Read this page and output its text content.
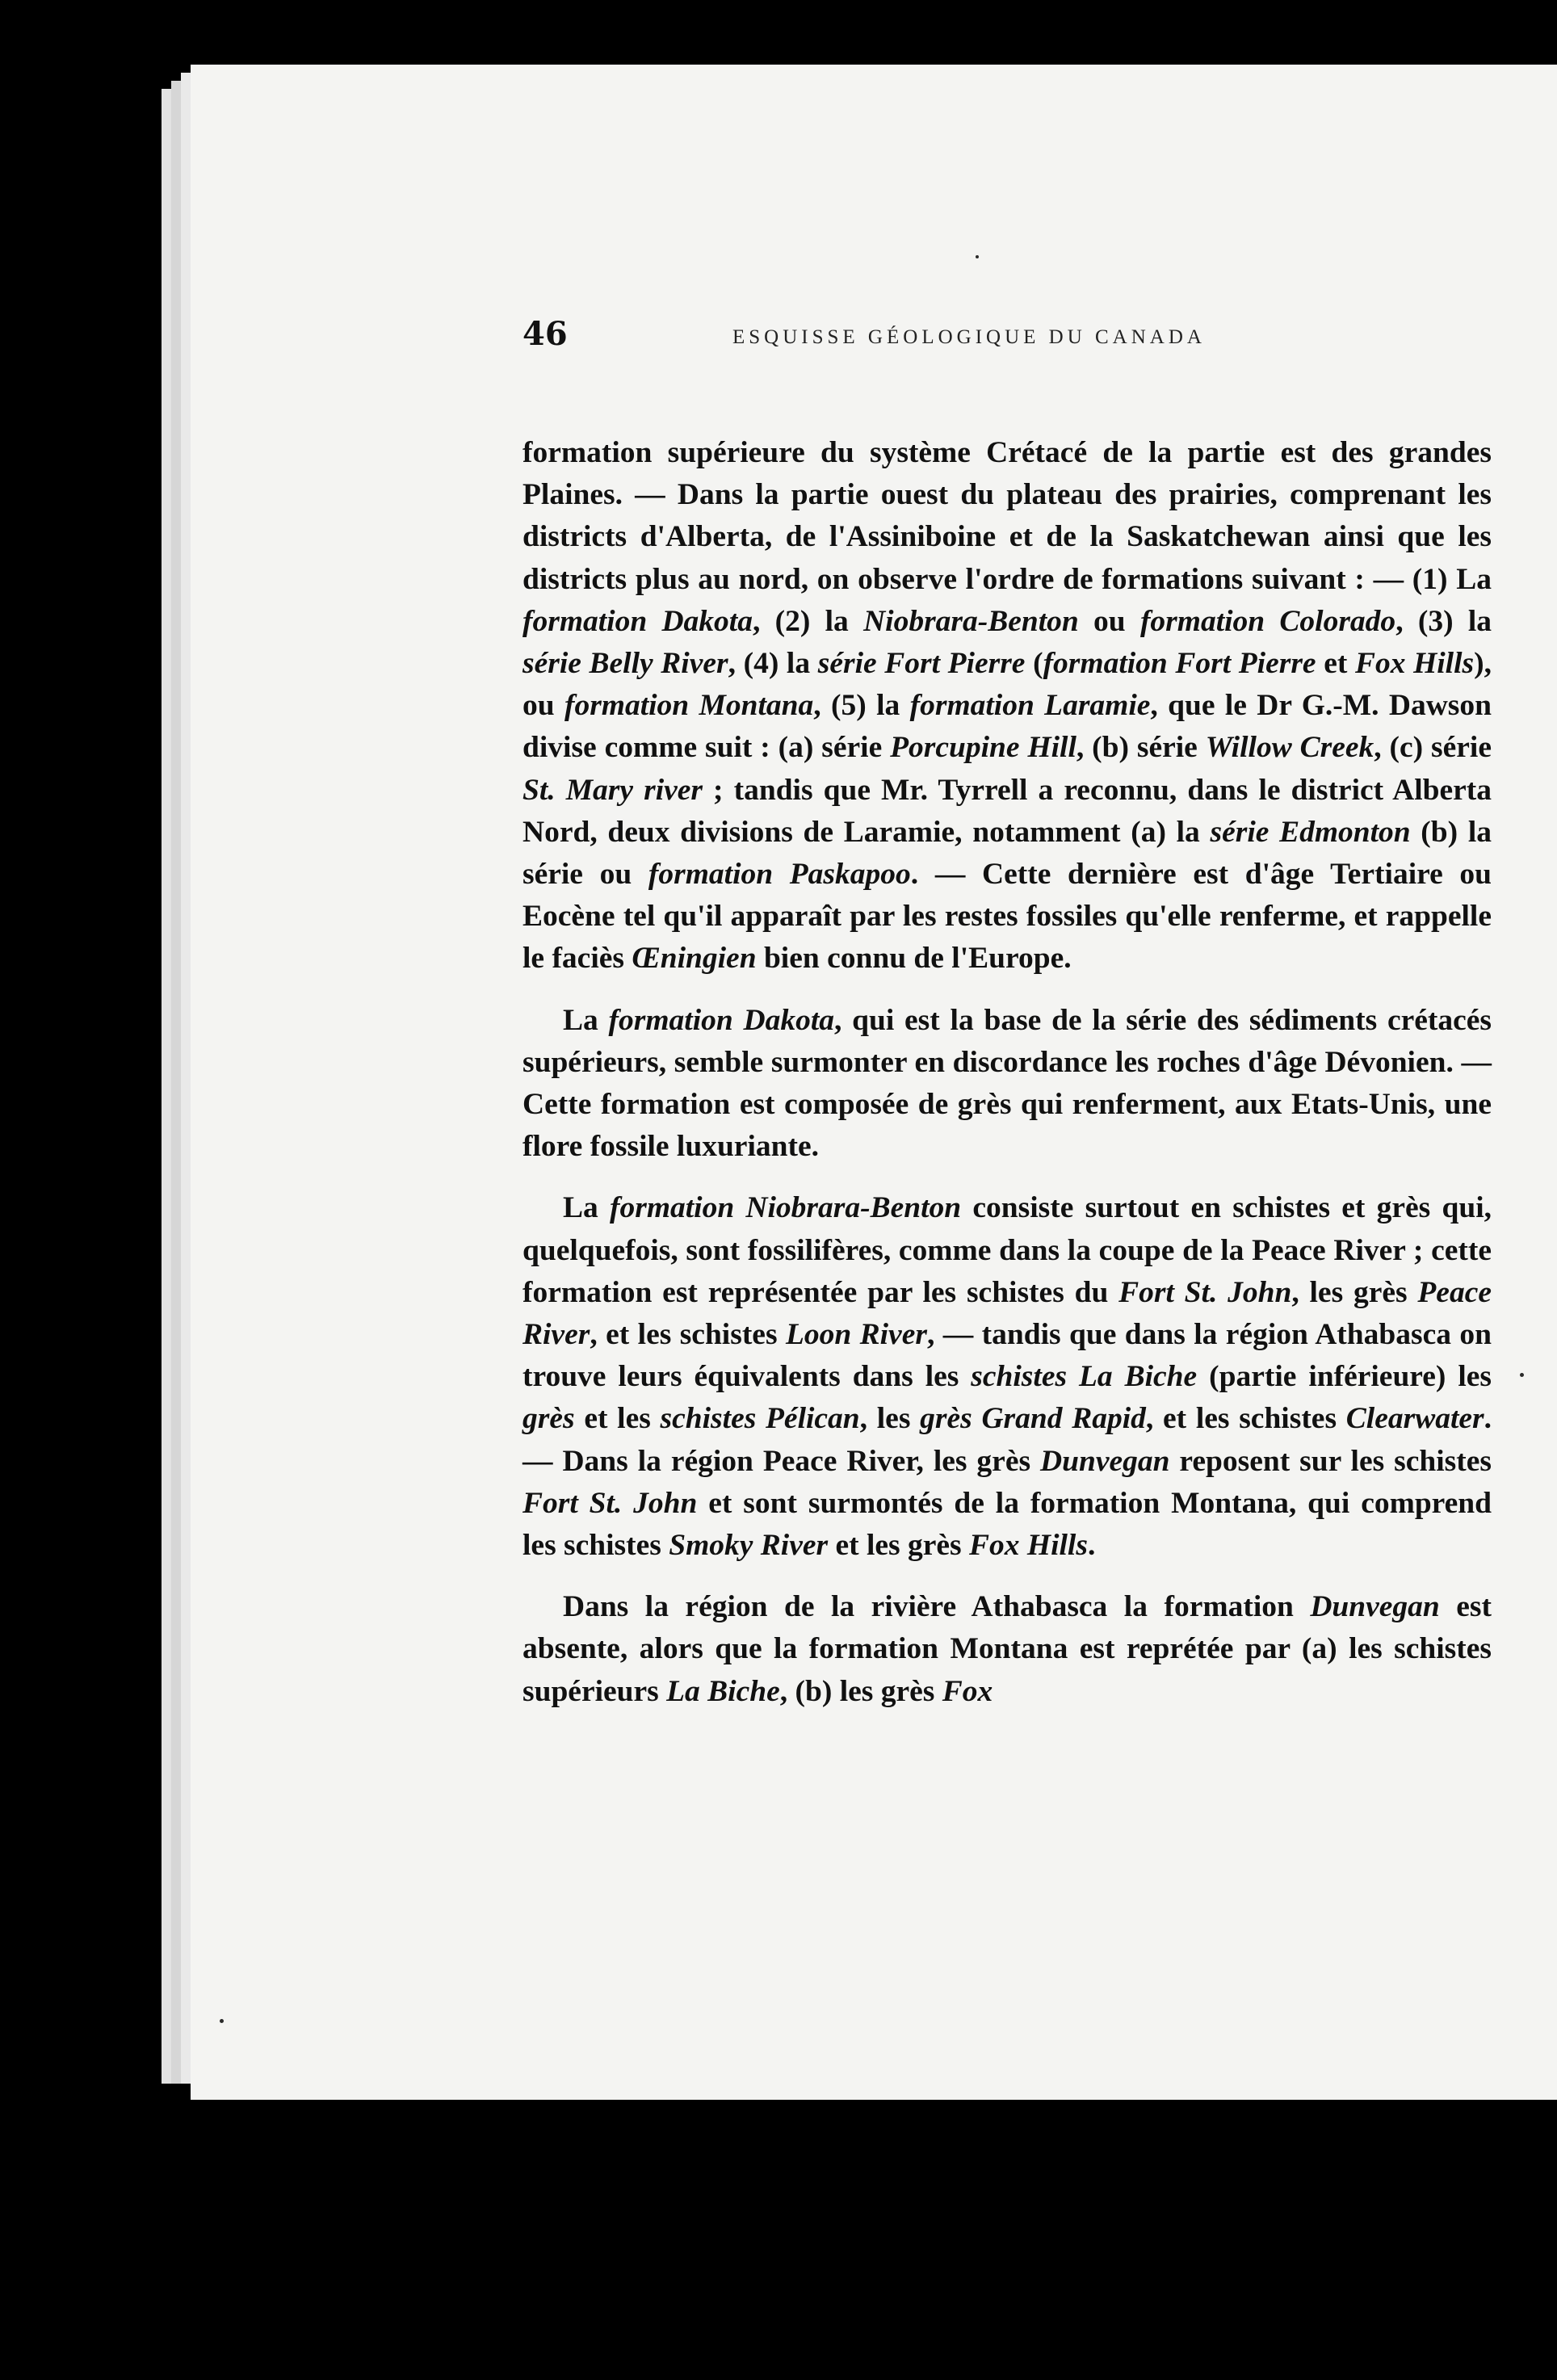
46	ESQUISSE GÉOLOGIQUE DU CANADA

formation supérieure du système Crétacé de la partie est des grandes Plaines. — Dans la partie ouest du plateau des prairies, comprenant les districts d'Alberta, de l'Assiniboine et de la Saskatchewan ainsi que les districts plus au nord, on observe l'ordre de formations suivant : — (1) La formation Dakota, (2) la Niobrara-Benton ou formation Colorado, (3) la série Belly River, (4) la série Fort Pierre (formation Fort Pierre et Fox Hills), ou formation Montana, (5) la formation Laramie, que le Dr G.-M. Dawson divise comme suit : (a) série Porcupine Hill, (b) série Willow Creek, (c) série St. Mary river ; tandis que Mr. Tyrrell a reconnu, dans le district Alberta Nord, deux divisions de Laramie, notamment (a) la série Edmonton (b) la série ou formation Paskapoo. — Cette dernière est d'âge Tertiaire ou Eocène tel qu'il apparaît par les restes fossiles qu'elle renferme, et rappelle le faciès Œningien bien connu de l'Europe.

La formation Dakota, qui est la base de la série des sédiments crétacés supérieurs, semble surmonter en discordance les roches d'âge Dévonien. — Cette formation est composée de grès qui renferment, aux Etats-Unis, une flore fossile luxuriante.

La formation Niobrara-Benton consiste surtout en schistes et grès qui, quelquefois, sont fossilifères, comme dans la coupe de la Peace River ; cette formation est représentée par les schistes du Fort St. John, les grès Peace River, et les schistes Loon River, — tandis que dans la région Athabasca on trouve leurs équivalents dans les schistes La Biche (partie inférieure) les grès et les schistes Pélican, les grès Grand Rapid, et les schistes Clearwater. — Dans la région Peace River, les grès Dunvegan reposent sur les schistes Fort St. John et sont surmontés de la formation Montana, qui comprend les schistes Smoky River et les grès Fox Hills.

Dans la région de la rivière Athabasca la formation Dunvegan est absente, alors que la formation Montana est reprétée par (a) les schistes supérieurs La Biche, (b) les grès Fox
